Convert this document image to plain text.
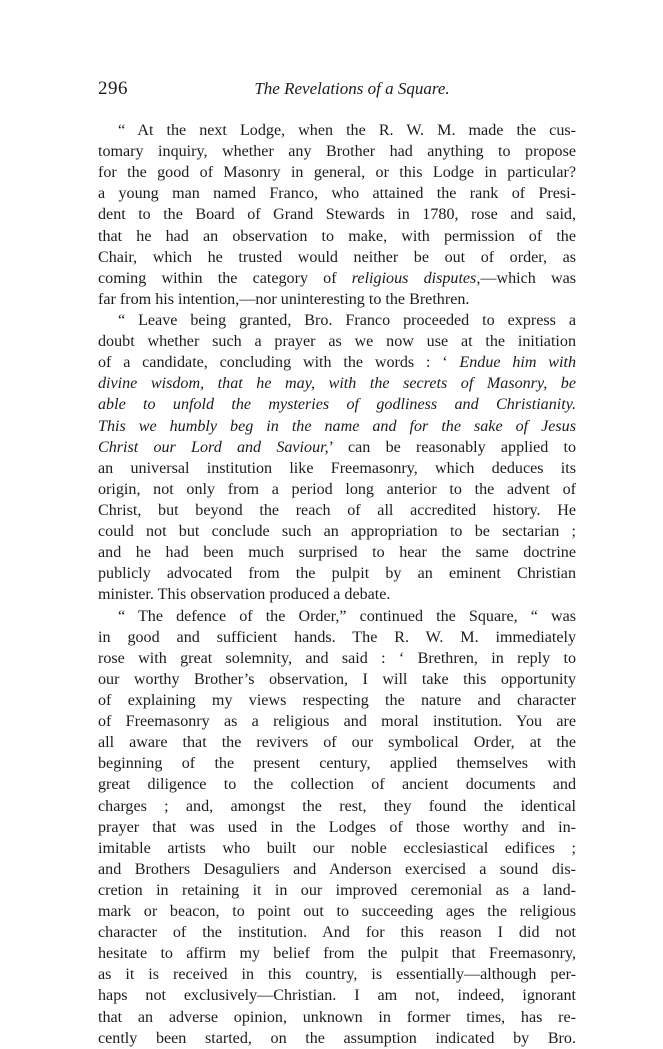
296	The Revelations of a Square.
“ At the next Lodge, when the R. W. M. made the cus-
tomary inquiry, whether any Brother had anything to propose
for the good of Masonry in general, or this Lodge in particular?
a young man named Franco, who attained the rank of Presi-
dent to the Board of Grand Stewards in 1780, rose and said,
that he had an observation to make, with permission of the
Chair, which he trusted would neither be out of order, as
coming within the category of religious disputes,—which was
far from his intention,—nor uninteresting to the Brethren.
“ Leave being granted, Bro. Franco proceeded to express a
doubt whether such a prayer as we now use at the initiation
of a candidate, concluding with the words : ‘ Endue him with
divine wisdom, that he may, with the secrets of Masonry, be
able to unfold the mysteries of godliness and Christianity.
This we humbly beg in the name and for the sake of Jesus
Christ our Lord and Saviour,’ can be reasonably applied to
an universal institution like Freemasonry, which deduces its
origin, not only from a period long anterior to the advent of
Christ, but beyond the reach of all accredited history. He
could not but conclude such an appropriation to be sectarian ;
and he had been much surprised to hear the same doctrine
publicly advocated from the pulpit by an eminent Christian
minister. This observation produced a debate.
“ The defence of the Order,” continued the Square, “ was
in good and sufficient hands. The R. W. M. immediately
rose with great solemnity, and said : ‘ Brethren, in reply to
our worthy Brother’s observation, I will take this opportunity
of explaining my views respecting the nature and character
of Freemasonry as a religious and moral institution. You are
all aware that the revivers of our symbolical Order, at the
beginning of the present century, applied themselves with
great diligence to the collection of ancient documents and
charges ; and, amongst the rest, they found the identical
prayer that was used in the Lodges of those worthy and in-
imitable artists who built our noble ecclesiastical edifices ;
and Brothers Desaguliers and Anderson exercised a sound dis-
cretion in retaining it in our improved ceremonial as a land-
mark or beacon, to point out to succeeding ages the religious
character of the institution. And for this reason I did not
hesitate to affirm my belief from the pulpit that Freemasonry,
as it is received in this country, is essentially—although per-
haps not exclusively—Christian. I am not, indeed, ignorant
that an adverse opinion, unknown in former times, has re-
cently been started, on the assumption indicated by Bro.
